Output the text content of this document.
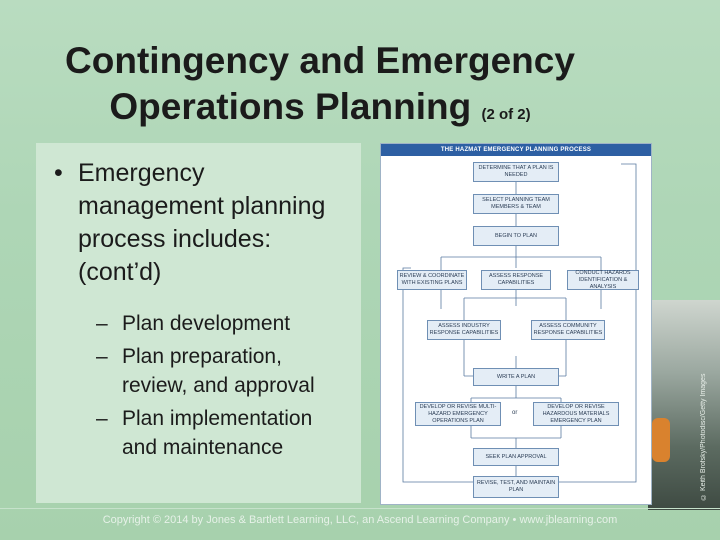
Contingency and Emergency
Operations Planning (2 of 2)
• Emergency management planning process includes: (cont’d)
– Plan development
– Plan preparation, review, and approval
– Plan implementation and maintenance	© Keith Brofsky/Photodisc/Getty Images
THE HAZMAT EMERGENCY PLANNING PROCESS
DETERMINE THAT A PLAN IS NEEDED
SELECT PLANNING TEAM MEMBERS & TEAM
BEGIN TO PLAN
REVIEW & COORDINATE WITH EXISTING PLANS
ASSESS RESPONSE CAPABILITIES
CONDUCT HAZARDS IDENTIFICATION & ANALYSIS
ASSESS INDUSTRY RESPONSE CAPABILITIES
ASSESS COMMUNITY RESPONSE CAPABILITIES
WRITE A PLAN
DEVELOP OR REVISE MULTI-HAZARD EMERGENCY OPERATIONS PLAN
or
DEVELOP OR REVISE HAZARDOUS MATERIALS EMERGENCY PLAN
SEEK PLAN APPROVAL
REVISE, TEST, AND MAINTAIN PLAN
Copyright © 2014 by Jones & Bartlett Learning, LLC, an Ascend Learning Company • www.jblearning.com
